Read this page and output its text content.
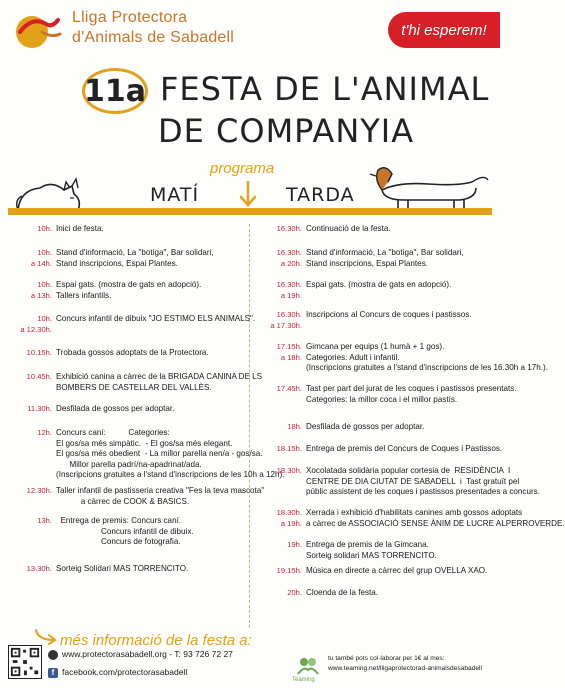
Lliga Protectora
d'Animals de Sabadell	t'hi esperem!
11a FESTA DE L'ANIMAL
DE COMPANYIA
programa
MATÍ	TARDA
10h. Inici de festa.
10h.
a 14h.
Stand d'informació, La "botiga", Bar solidari,
Stand inscripcions, Espai Plantes.
10h.
a 13h.
Espai gats. (mostra de gats en adopció).
Tallers infantils.
10h.
a 12.30h.
Concurs infantil de dibuix "JO ESTIMO ELS ANIMALS".
10.15h. Trobada gossos adoptats de la Protectora.
10.45h. Exhibició canina a càrrec de la BRIGADA CANINA DE LS
BOMBERS DE CASTELLAR DEL VALLÈS.
11.30h. Desfilada de gossos per adoptar.
12h. Concurs caní:          Categories:
El gos/sa més simpàtic.  - El gos/sa més elegant.
El gos/sa més obedient  - La millor parella nen/a - gos/sa.
Millor parella padrí/na-apadrinat/ada.
(Inscripcions gratuites a l'stand d'inscripcions de les 10h a 12h).
12.30h. Taller infantil de pastisseria creativa "Fes la teva mascota"
a càrrec de COOK & BASICS.
13h. Entrega de premis: Concurs caní.
Concurs infantil de dibuix.
Concurs de fotografia.
13.30h. Sorteig Solidari MAS TORRENCITO.
16.30h. Continuació de la festa.
16.30h.
a 20h.
Stand d'informació, La "botiga", Bar solidari,
Stand inscripcions, Espai Plantes.
16.30h.
a 19h.
Espai gats. (mostra de gats en adopció).
16.30h.
a 17.30h.
Inscripcions al Concurs de coques i pastissos.
17.15h.
a 18h.
Gimcana per equips (1 humà + 1 gos).
Categories: Adult i infantil.
(Inscripcions gratuites a l'stand d'inscripcions de les 16.30h a 17h.).
17.45h. Tast per part del jurat de les coques i pastissos presentats.
Categories: la millor coca i el millor pastís.
18h. Desfilada de gossos per adoptar.
18.15h. Entrega de premis del Concurs de Coques i Pastissos.
18.30h. Xocolatada solidària popular cortesia de  RESIDÈNCIA  I
CENTRE DE DIA CIUTAT DE SABADELL  i  Tast gratuït pel
públic assistent de les coques i pastissos presentades a concurs.
18.30h.
a 19h.
Xerrada i exhibició d'habilitats canines amb gossos adoptats
a càrrec de ASSOCIACIÓ SENSE ÀNIM DE LUCRE ALPERROVERDE.
19h. Entrega de premis de la Gimcana.
Sorteig solidari MAS TORRENCITO.
19.15h. Música en directe a càrrec del grup OVELLA XAO.
20h. Cloenda de la festa.
més informació de la festa a:
www.protectorasabadell.org - T: 93 726 72 27
f facebook.com/protectorasabadell
Teaming
tu també pots col·laborar per 1€ al mes:
www.teaming.net/lligaprotectorad-animalsdesabadell
